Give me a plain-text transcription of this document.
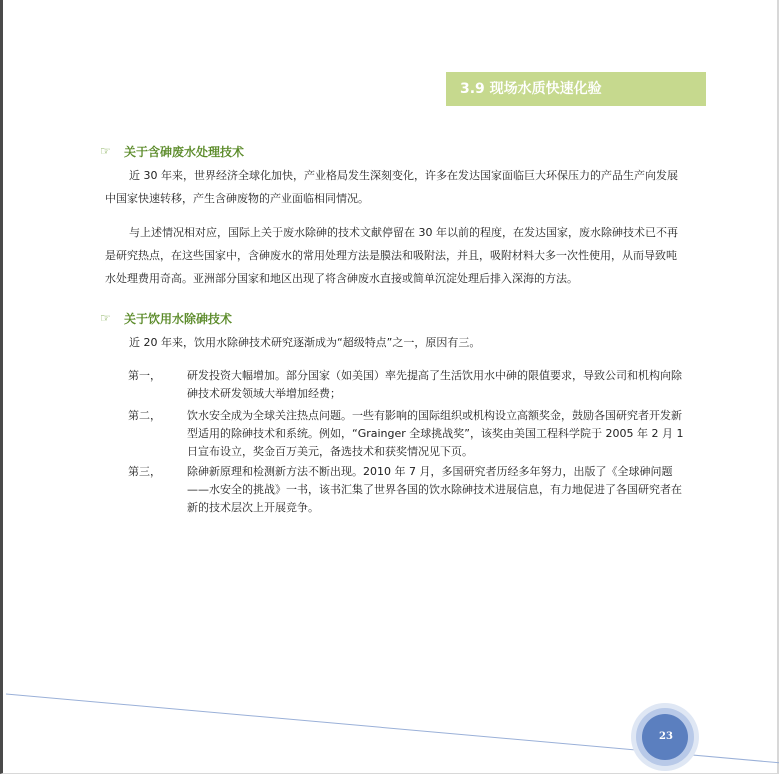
3.9 现场水质快速化验
☞	关于含砷废水处理技术

近 30 年来，世界经济全球化加快，产业格局发生深刻变化，许多在发达国家面临巨大环保压力的产品生产向发展中国家快速转移，产生含砷废物的产业面临相同情况。

与上述情况相对应，国际上关于废水除砷的技术文献停留在 30 年以前的程度，在发达国家，废水除砷技术已不再是研究热点，在这些国家中，含砷废水的常用处理方法是膜法和吸附法，并且，吸附材料大多一次性使用，从而导致吨水处理费用奇高。亚洲部分国家和地区出现了将含砷废水直接或简单沉淀处理后排入深海的方法。

☞	关于饮用水除砷技术

近 20 年来，饮用水除砷技术研究逐渐成为“超级特点”之一，原因有三。

第一，	研发投资大幅增加。部分国家（如美国）率先提高了生活饮用水中砷的限值要求，导致公司和机构向除砷技术研发领域大举增加经费；
第二，	饮水安全成为全球关注热点问题。一些有影响的国际组织或机构设立高额奖金，鼓励各国研究者开发新型适用的除砷技术和系统。例如，“Grainger 全球挑战奖”，该奖由美国工程科学院于 2005 年 2 月 1 日宣布设立，奖金百万美元，备选技术和获奖情况见下页。
第三，	除砷新原理和检测新方法不断出现。2010 年 7 月，多国研究者历经多年努力，出版了《全球砷问题——水安全的挑战》一书，该书汇集了世界各国的饮水除砷技术进展信息，有力地促进了各国研究者在新的技术层次上开展竞争。
23
